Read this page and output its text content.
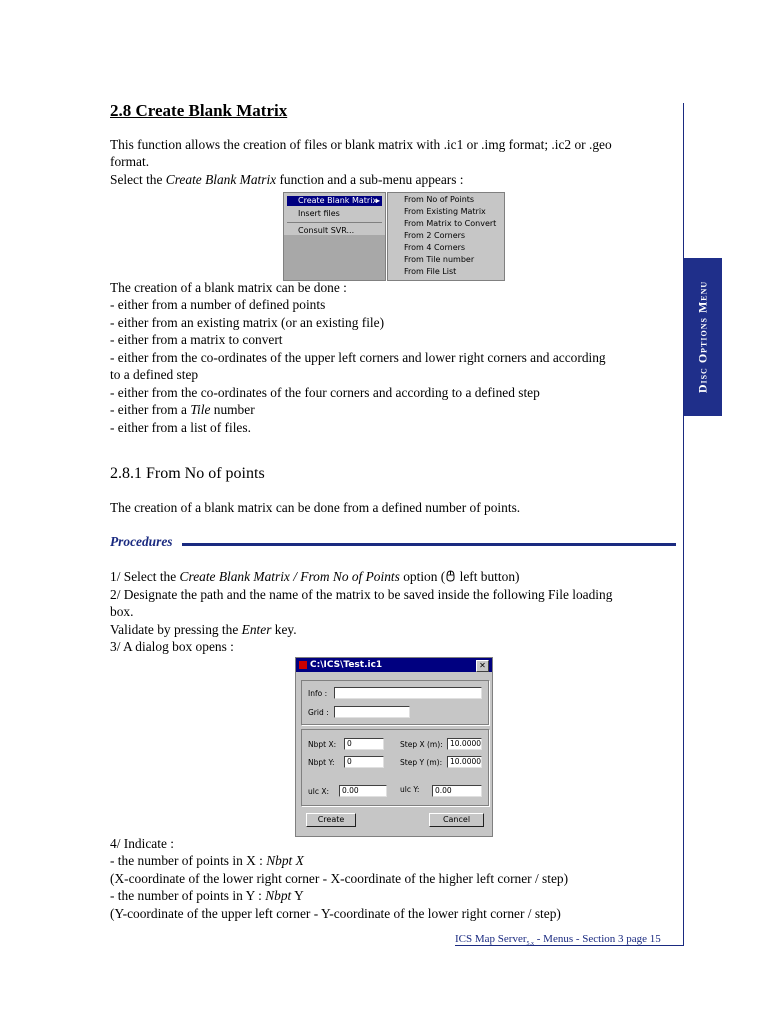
Disc Options Menu
2.8 Create Blank Matrix
This function allows the creation of files or blank matrix with .ic1 or .img format; .ic2 or .geo
format.
Select the Create Blank Matrix function and a sub-menu appears :
Create Blank Matrix
▸
Insert files
Consult SVR...
From No of Points
From Existing Matrix
From Matrix to Convert
From 2 Corners
From 4 Corners
From Tile number
From File List
The creation of a blank matrix can be done :
- either from a number of defined points
- either from an existing matrix (or an existing file)
- either from a matrix to convert
- either from the co-ordinates of the upper left corners and lower right corners and according
to a defined step
- either from the co-ordinates of the four corners and according to a defined step
- either from a Tile number
- either from a list of files.
2.8.1 From No of points
The creation of a blank matrix can be done from a defined number of points.
Procedures
1/ Select the Create Blank Matrix / From No of Points option ( left button)
2/ Designate the path and the name of the matrix to be saved inside the following File loading
box.
Validate by pressing the Enter key.
3/ A dialog box opens :
C:\ICS\Test.ic1	✕
Info :
Grid :
Nbpt X:	0	Step X (m): 10.0000
Nbpt Y:	0	Step Y (m):	10.0000
ulc X:	0.00	ulc Y:	0.00
Create	Cancel
4/ Indicate :
- the number of points in X : Nbpt X
(X-coordinate of the lower right corner - X-coordinate of the higher left corner / step)
- the number of points in Y : Nbpt Y
(Y-coordinate of the upper left corner - Y-coordinate of the lower right corner / step)
ICS Map Server$_{5.x}$ - Menus - Section 3 page 15
